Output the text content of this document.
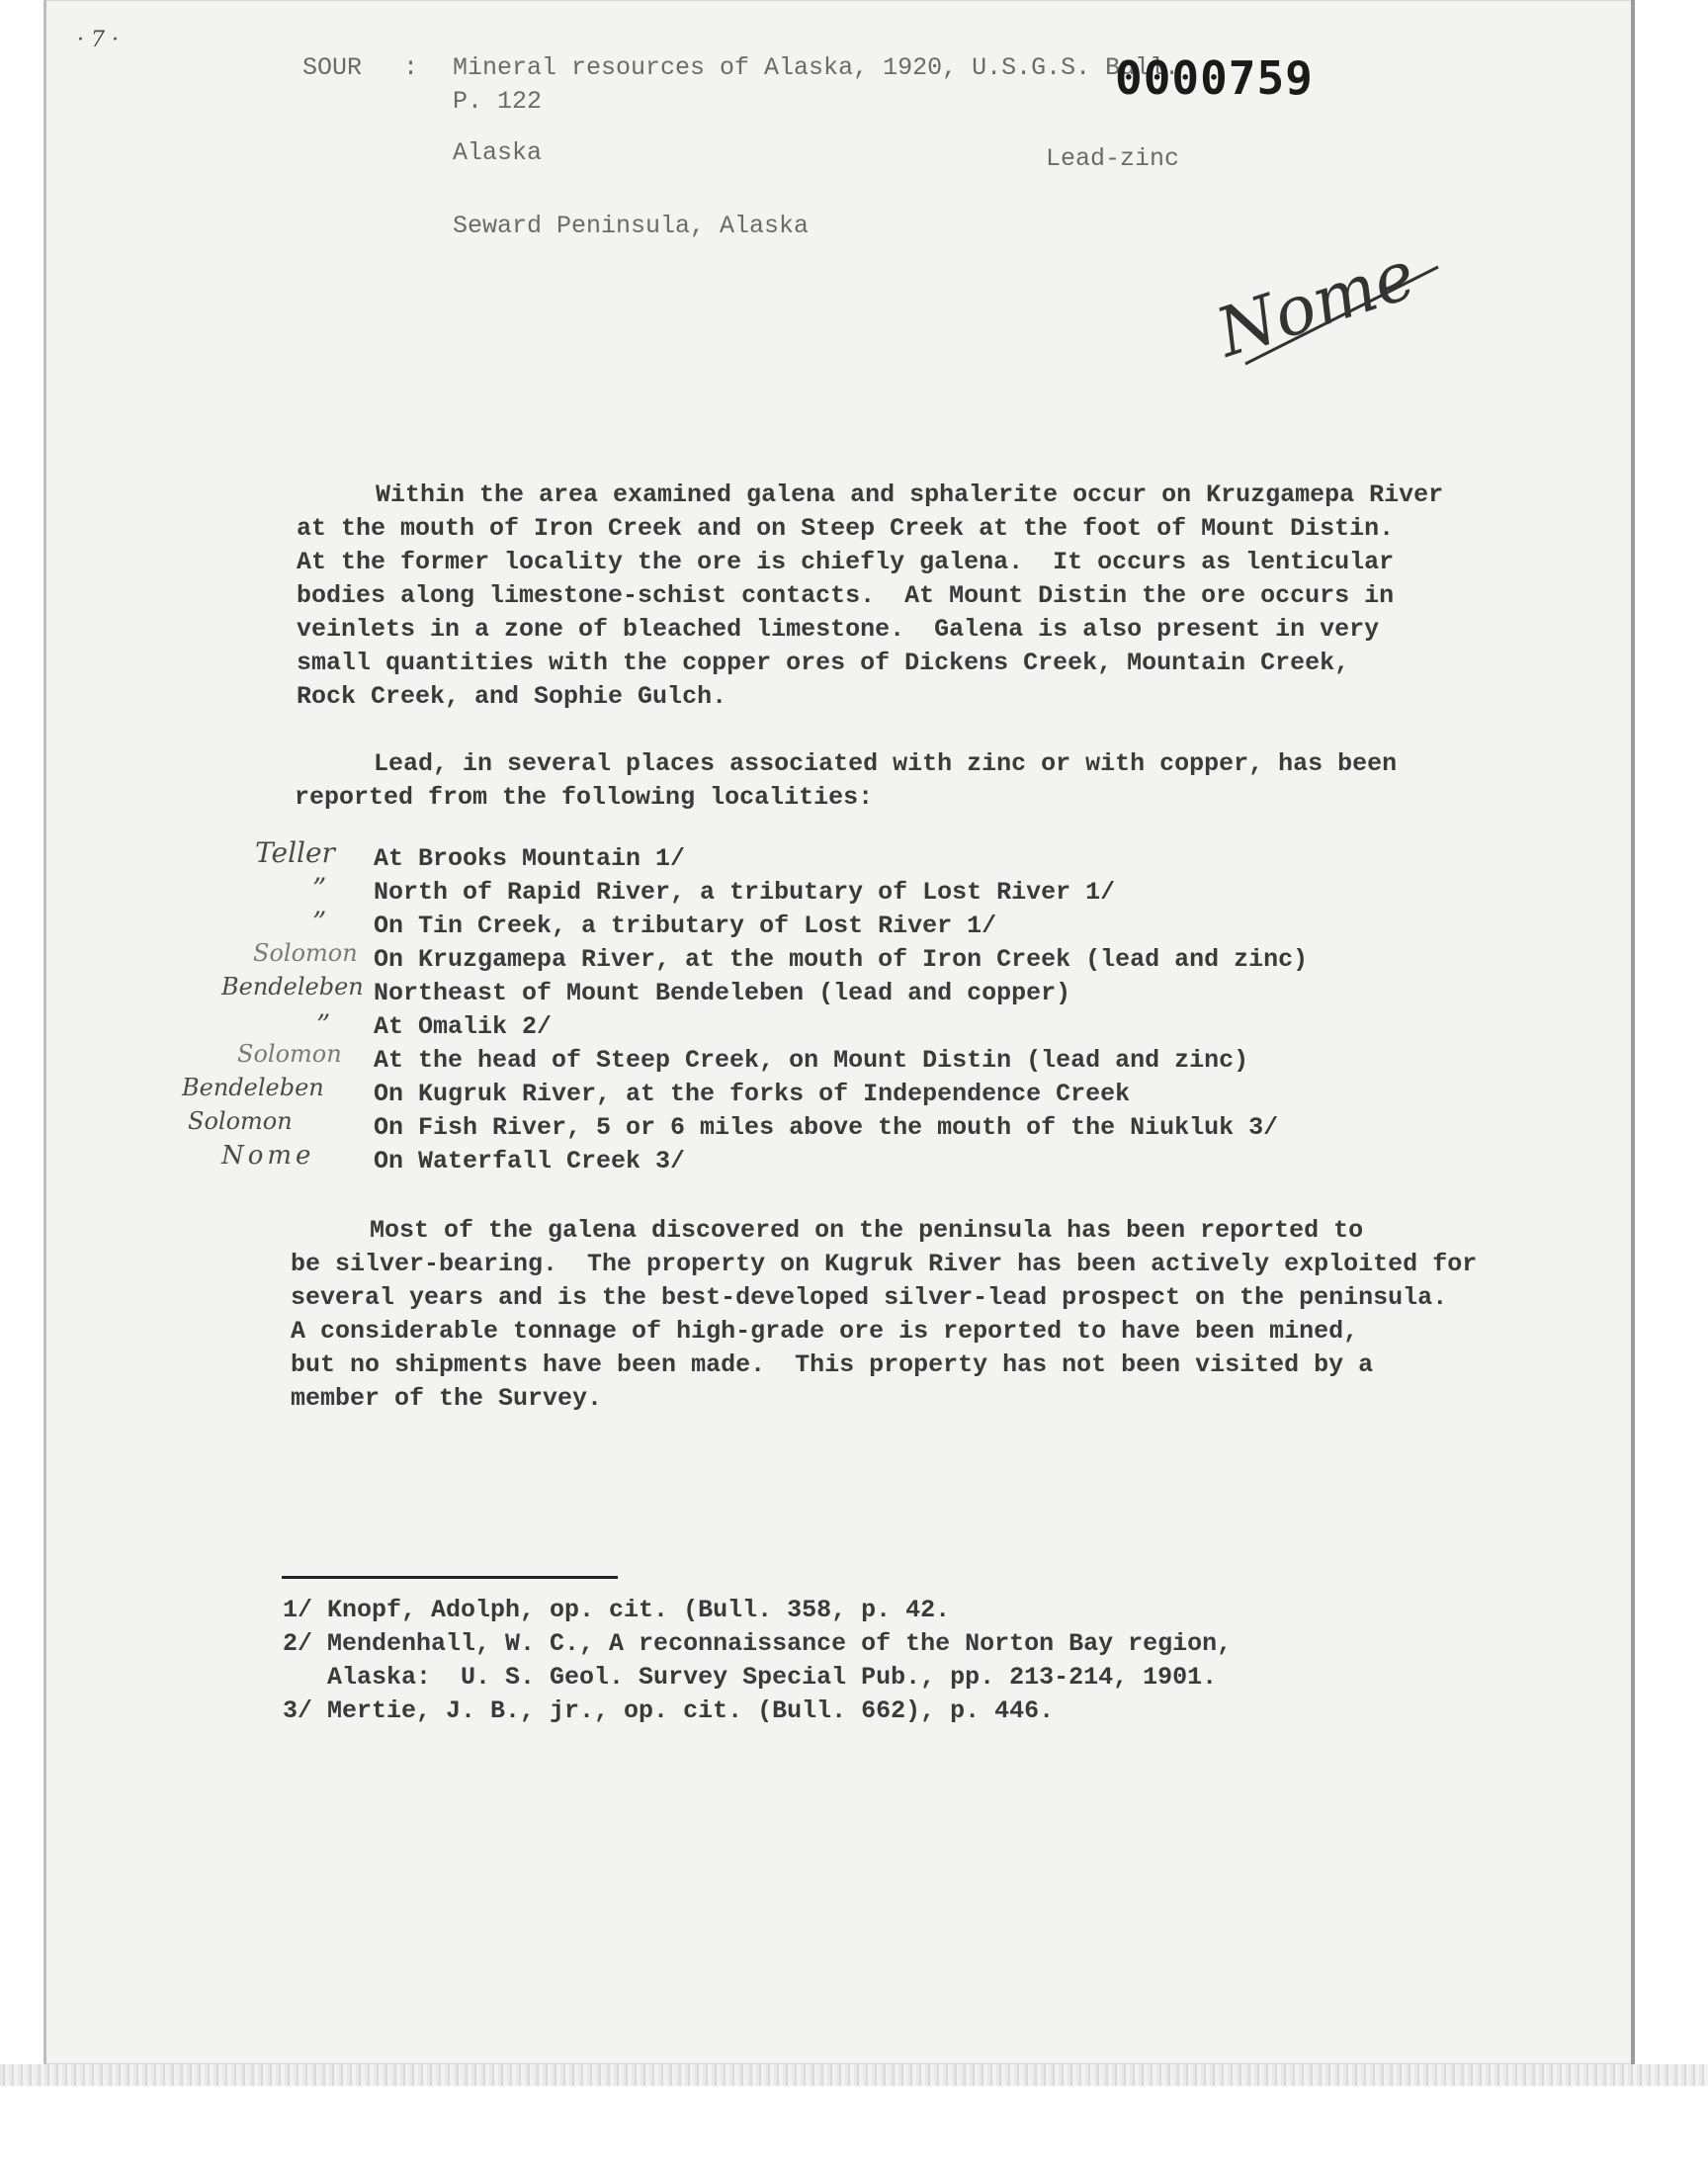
· 7 ·
SOUR : Mineral resources of Alaska, 1920, U.S.G.S. Bull.
0000759
P. 122
Alaska	Lead-zinc
Seward Peninsula, Alaska
Nome
Within the area examined galena and sphalerite occur on Kruzgamepa River
at the mouth of Iron Creek and on Steep Creek at the foot of Mount Distin.
At the former locality the ore is chiefly galena.  It occurs as lenticular
bodies along limestone-schist contacts.  At Mount Distin the ore occurs in
veinlets in a zone of bleached limestone.  Galena is also present in very
small quantities with the copper ores of Dickens Creek, Mountain Creek,
Rock Creek, and Sophie Gulch.
Lead, in several places associated with zinc or with copper, has been
reported from the following localities:
Teller At Brooks Mountain 1/
” North of Rapid River, a tributary of Lost River 1/
” On Tin Creek, a tributary of Lost River 1/
Solomon On Kruzgamepa River, at the mouth of Iron Creek (lead and zinc)
Bendeleben Northeast of Mount Bendeleben (lead and copper)
” At Omalik 2/
Solomon At the head of Steep Creek, on Mount Distin (lead and zinc)
Bendeleben On Kugruk River, at the forks of Independence Creek
Solomon	On Fish River, 5 or 6 miles above the mouth of the Niukluk 3/
Nome On Waterfall Creek 3/
Most of the galena discovered on the peninsula has been reported to
be silver-bearing.  The property on Kugruk River has been actively exploited for
several years and is the best-developed silver-lead prospect on the peninsula.
A considerable tonnage of high-grade ore is reported to have been mined,
but no shipments have been made.  This property has not been visited by a
member of the Survey.
1/ Knopf, Adolph, op. cit. (Bull. 358, p. 42.
2/ Mendenhall, W. C., A reconnaissance of the Norton Bay region,
Alaska:  U. S. Geol. Survey Special Pub., pp. 213-214, 1901.
3/ Mertie, J. B., jr., op. cit. (Bull. 662), p. 446.
